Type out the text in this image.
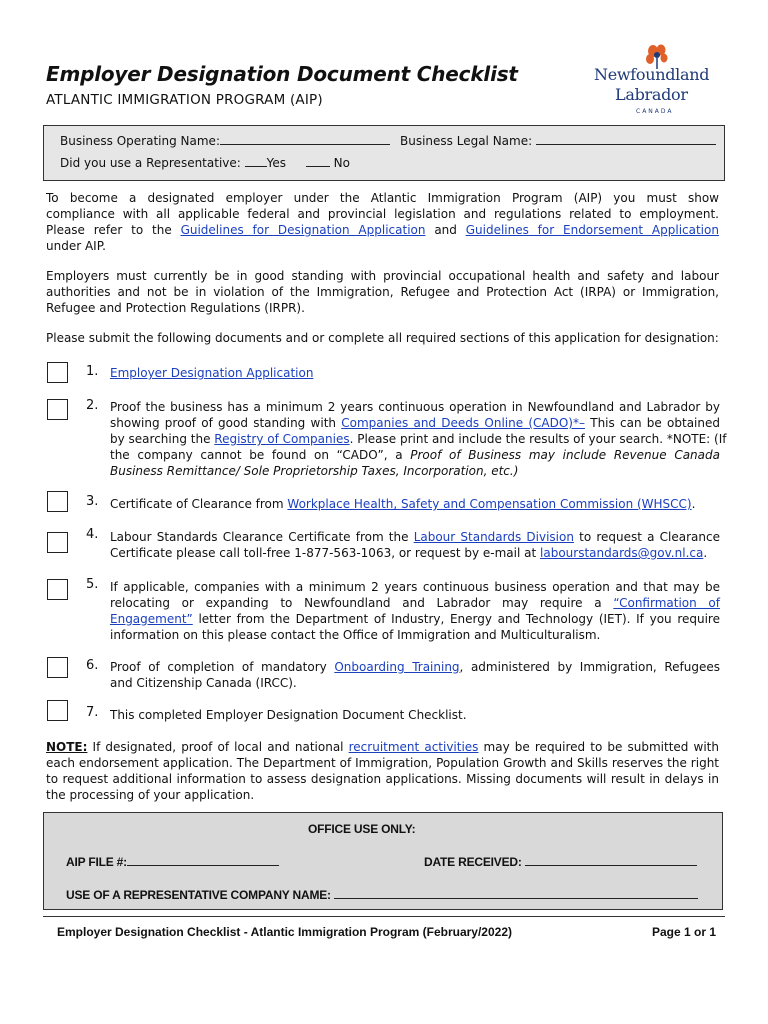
Employer Designation Document Checklist
ATLANTIC IMMIGRATION PROGRAM (AIP)
Newfoundland
Labrador
CANADA
Business Operating Name:	Business Legal Name:
Did you use a Representative: Yes	No
To become a designated employer under the Atlantic Immigration Program (AIP) you must show
compliance with all applicable federal and provincial legislation and regulations related to employment.
Please refer to the Guidelines for Designation Application and Guidelines for Endorsement Application
under AIP.
Employers must currently be in good standing with provincial occupational health and safety and labour
authorities and not be in violation of the Immigration, Refugee and Protection Act (IRPA) or Immigration,
Refugee and Protection Regulations (IRPR).
Please submit the following documents and or complete all required sections of this application for designation:
1. Employer Designation Application
2. Proof the business has a minimum 2 years continuous operation in Newfoundland and Labrador by
showing proof of good standing with Companies and Deeds Online (CADO)*– This can be obtained
by searching the Registry of Companies. Please print and include the results of your search. *NOTE: (If
the company cannot be found on “CADO”, a Proof of Business may include Revenue Canada
Business Remittance/ Sole Proprietorship Taxes, Incorporation, etc.)
3. Certificate of Clearance from Workplace Health, Safety and Compensation Commission (WHSCC).
4. Labour Standards Clearance Certificate from the Labour Standards Division to request a Clearance
Certificate please call toll-free 1-877-563-1063, or request by e-mail at labourstandards@gov.nl.ca.
5. If applicable, companies with a minimum 2 years continuous business operation and that may be
relocating or expanding to Newfoundland and Labrador may require a “Confirmation of
Engagement” letter from the Department of Industry, Energy and Technology (IET). If you require
information on this please contact the Office of Immigration and Multiculturalism.
6. Proof of completion of mandatory Onboarding Training, administered by Immigration, Refugees
and Citizenship Canada (IRCC).
7. This completed Employer Designation Document Checklist.
NOTE: If designated, proof of local and national recruitment activities may be required to be submitted with
each endorsement application. The Department of Immigration, Population Growth and Skills reserves the right
to request additional information to assess designation applications. Missing documents will result in delays in
the processing of your application.
OFFICE USE ONLY:
AIP FILE #:	DATE RECEIVED:
USE OF A REPRESENTATIVE COMPANY NAME:
Employer Designation Checklist - Atlantic Immigration Program (February/2022)	Page 1 or 1
